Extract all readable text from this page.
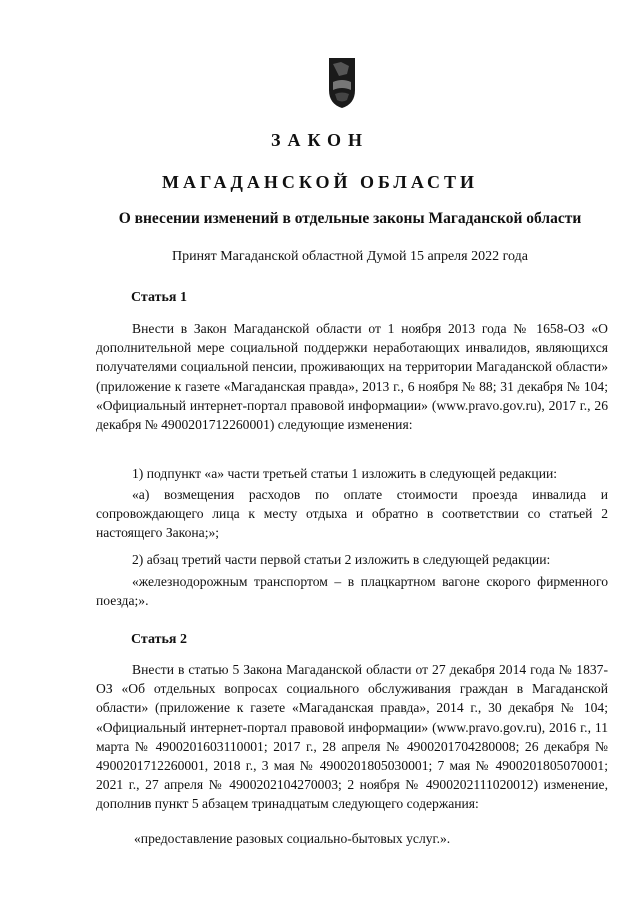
ЗАКОН
МАГАДАНСКОЙ ОБЛАСТИ
О внесении изменений в отдельные законы Магаданской области
Принят Магаданской областной Думой 15 апреля 2022 года
Статья 1
Внести в Закон Магаданской области от 1 ноября 2013 года № 1658-ОЗ «О дополнительной мере социальной поддержки неработающих инвалидов, являющихся получателями социальной пенсии, проживающих на территории Магаданской области» (приложение к газете «Магаданская правда», 2013 г., 6 ноября № 88; 31 декабря № 104; «Официальный интернет-портал правовой информации» (www.pravo.gov.ru), 2017 г., 26 декабря № 4900201712260001) следующие изменения:
1) подпункт «а» части третьей статьи 1 изложить в следующей редакции:
«а) возмещения расходов по оплате стоимости проезда инвалида и сопровождающего лица к месту отдыха и обратно в соответствии со статьей 2 настоящего Закона;»;
2) абзац третий части первой статьи 2 изложить в следующей редакции:
«железнодорожным транспортом – в плацкартном вагоне скорого фирменного поезда;».
Статья 2
Внести в статью 5 Закона Магаданской области от 27 декабря 2014 года № 1837-ОЗ «Об отдельных вопросах социального обслуживания граждан в Магаданской области» (приложение к газете «Магаданская правда», 2014 г., 30 декабря № 104; «Официальный интернет-портал правовой информации» (www.pravo.gov.ru), 2016 г., 11 марта № 4900201603110001; 2017 г., 28 апреля № 4900201704280008; 26 декабря № 4900201712260001, 2018 г., 3 мая № 4900201805030001; 7 мая № 4900201805070001; 2021 г., 27 апреля № 4900202104270003; 2 ноября № 4900202111020012) изменение, дополнив пункт 5 абзацем тринадцатым следующего содержания:
«предоставление разовых социально-бытовых услуг.».
